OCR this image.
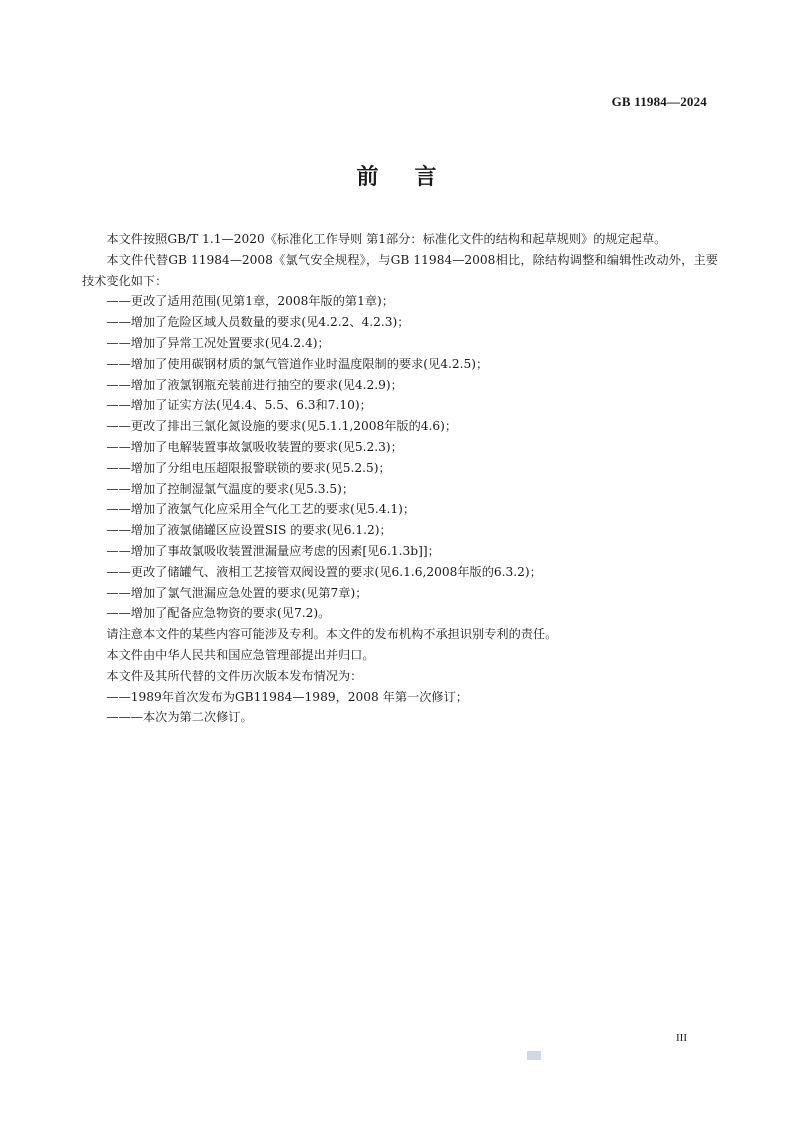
GB 11984—2024
前言

本文件按照GB/T 1.1—2020《标准化工作导则 第1部分：标准化文件的结构和起草规则》的规定起草。

本文件代替GB 11984—2008《氯气安全规程》，与GB 11984—2008相比，除结构调整和编辑性改动外，主要技术变化如下：

——更改了适用范围(见第1章，2008年版的第1章)；

——增加了危险区域人员数量的要求(见4.2.2、4.2.3)；

——增加了异常工况处置要求(见4.2.4)；

——增加了使用碳钢材质的氯气管道作业时温度限制的要求(见4.2.5)；

——增加了液氯钢瓶充装前进行抽空的要求(见4.2.9)；

——增加了证实方法(见4.4、5.5、6.3和7.10)；

——更改了排出三氯化氮设施的要求(见5.1.1,2008年版的4.6)；

——增加了电解装置事故氯吸收装置的要求(见5.2.3)；

——增加了分组电压超限报警联锁的要求(见5.2.5)；

——增加了控制湿氯气温度的要求(见5.3.5)；

——增加了液氯气化应采用全气化工艺的要求(见5.4.1)；

——增加了液氯储罐区应设置SIS 的要求(见6.1.2)；

——增加了事故氯吸收装置泄漏量应考虑的因素[见6.1.3b]]；

——更改了储罐气、液相工艺接管双阀设置的要求(见6.1.6,2008年版的6.3.2)；

——增加了氯气泄漏应急处置的要求(见第7章)；

——增加了配备应急物资的要求(见7.2)。

请注意本文件的某些内容可能涉及专利。本文件的发布机构不承担识别专利的责任。

本文件由中华人民共和国应急管理部提出并归口。

本文件及其所代替的文件历次版本发布情况为：

——1989年首次发布为GB11984—1989，2008 年第一次修订；

———本次为第二次修订。

III
